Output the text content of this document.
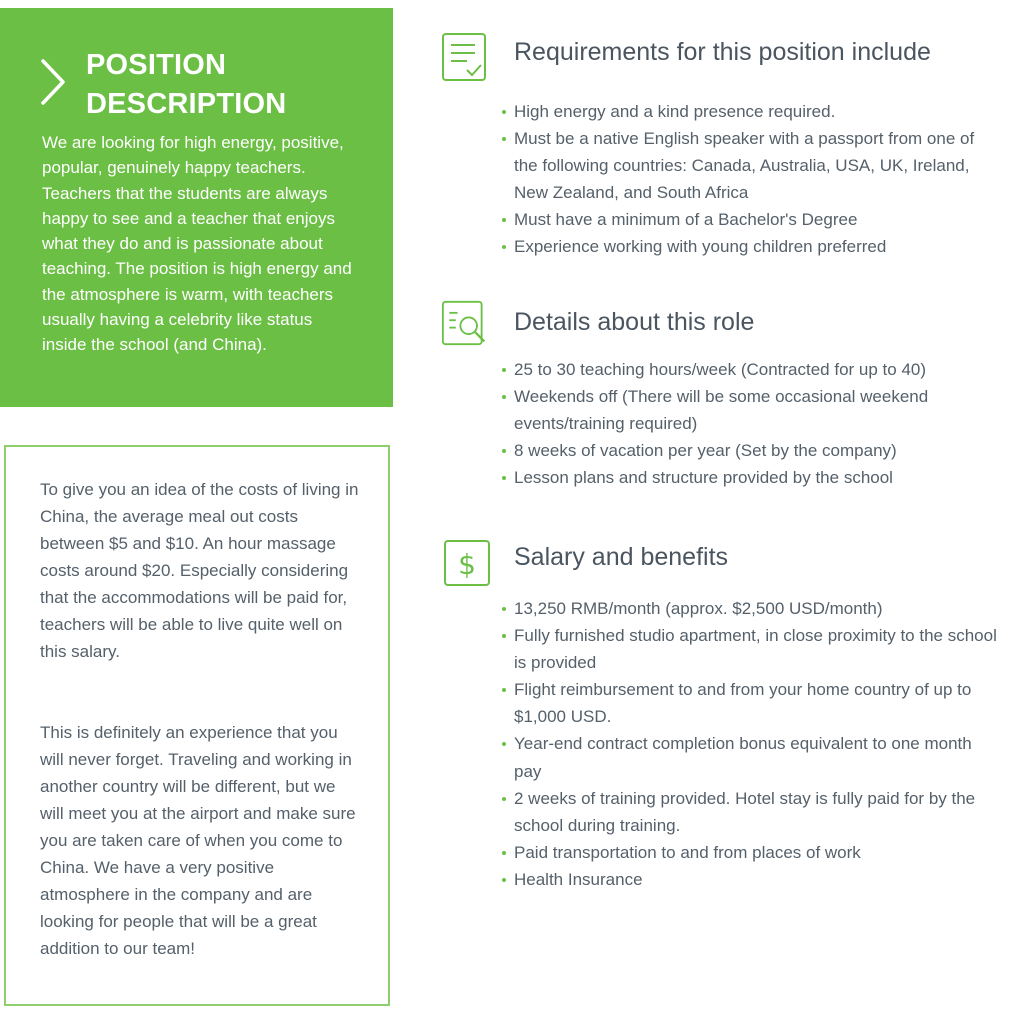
POSITION
DESCRIPTION

We are looking for high energy, positive, popular, genuinely happy teachers. Teachers that the students are always happy to see and a teacher that enjoys what they do and is passionate about teaching. The position is high energy and the atmosphere is warm, with teachers usually having a celebrity like status inside the school (and China).

To give you an idea of the costs of living in China, the average meal out costs between $5 and $10. An hour massage costs around $20. Especially considering that the accommodations will be paid for, teachers will be able to live quite well on this salary.

This is definitely an experience that you will never forget. Traveling and working in another country will be different, but we will meet you at the airport and make sure you are taken care of when you come to China. We have a very positive atmosphere in the company and are looking for people that will be a great addition to our team!

Requirements for this position include
High energy and a kind presence required.
Must be a native English speaker with a passport from one of the following countries: Canada, Australia, USA, UK, Ireland, New Zealand, and South Africa
Must have a minimum of a Bachelor's Degree
Experience working with young children preferred
Details about this role
25 to 30 teaching hours/week (Contracted for up to 40)
Weekends off (There will be some occasional weekend events/training required)
8 weeks of vacation per year (Set by the company)
Lesson plans and structure provided by the school
$ Salary and benefits
13,250 RMB/month (approx. $2,500 USD/month)
Fully furnished studio apartment, in close proximity to the school is provided
Flight reimbursement to and from your home country of up to $1,000 USD.
Year-end contract completion bonus equivalent to one month pay
2 weeks of training provided. Hotel stay is fully paid for by the school during training.
Paid transportation to and from places of work
Health Insurance
